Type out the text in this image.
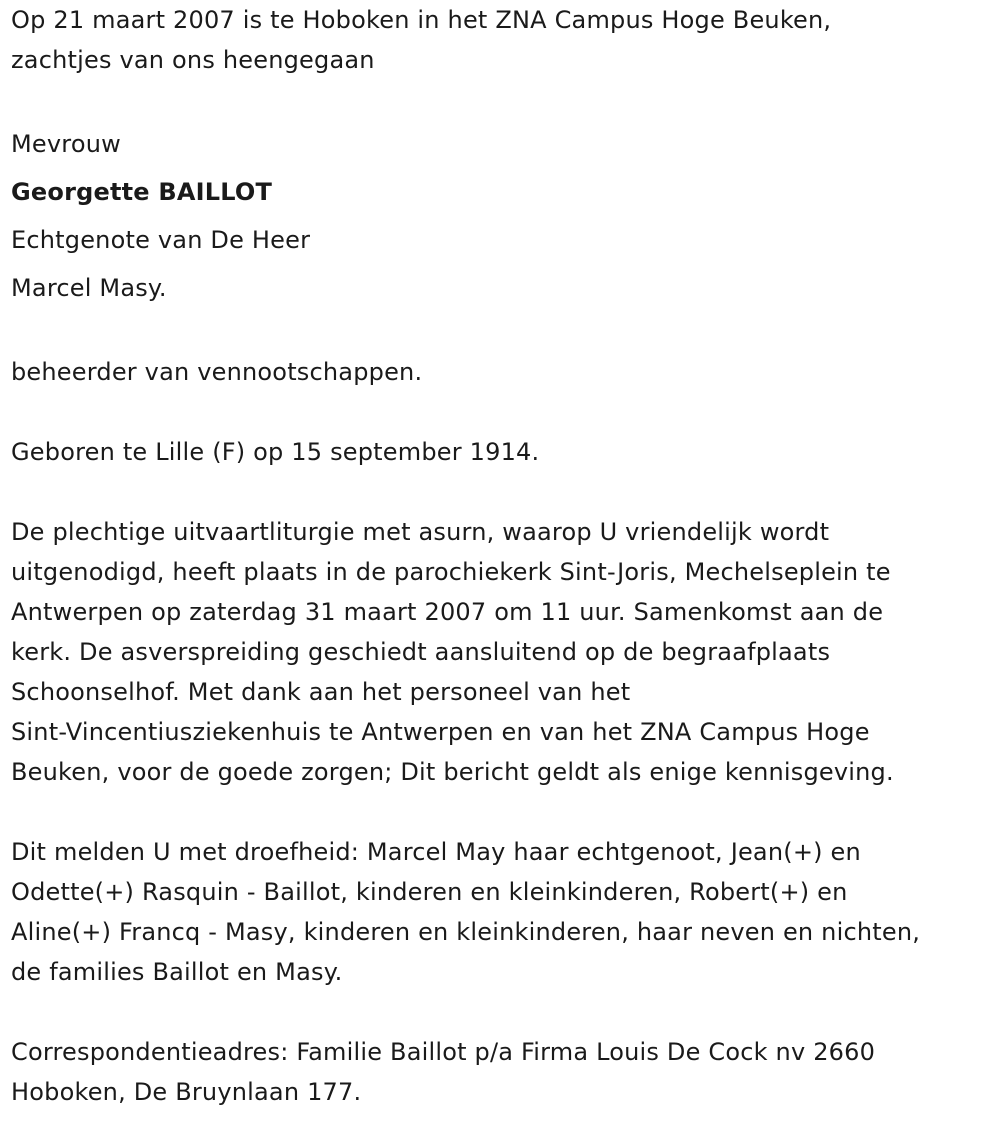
Op 21 maart 2007 is te Hoboken in het ZNA Campus Hoge Beuken,
zachtjes van ons heengegaan
Mevrouw
Georgette BAILLOT
Echtgenote van De Heer
Marcel Masy.
beheerder van vennootschappen.
Geboren te Lille (F) op 15 september 1914.
De plechtige uitvaartliturgie met asurn, waarop U vriendelijk wordt
uitgenodigd, heeft plaats in de parochiekerk Sint-Joris, Mechelseplein te
Antwerpen op zaterdag 31 maart 2007 om 11 uur. Samenkomst aan de
kerk. De asverspreiding geschiedt aansluitend op de begraafplaats
Schoonselhof. Met dank aan het personeel van het
Sint-Vincentiusziekenhuis te Antwerpen en van het ZNA Campus Hoge
Beuken, voor de goede zorgen; Dit bericht geldt als enige kennisgeving.
Dit melden U met droefheid: Marcel May haar echtgenoot, Jean(+) en
Odette(+) Rasquin - Baillot, kinderen en kleinkinderen, Robert(+) en
Aline(+) Francq - Masy, kinderen en kleinkinderen, haar neven en nichten,
de families Baillot en Masy.
Correspondentieadres: Familie Baillot p/a Firma Louis De Cock nv 2660
Hoboken, De Bruynlaan 177.
